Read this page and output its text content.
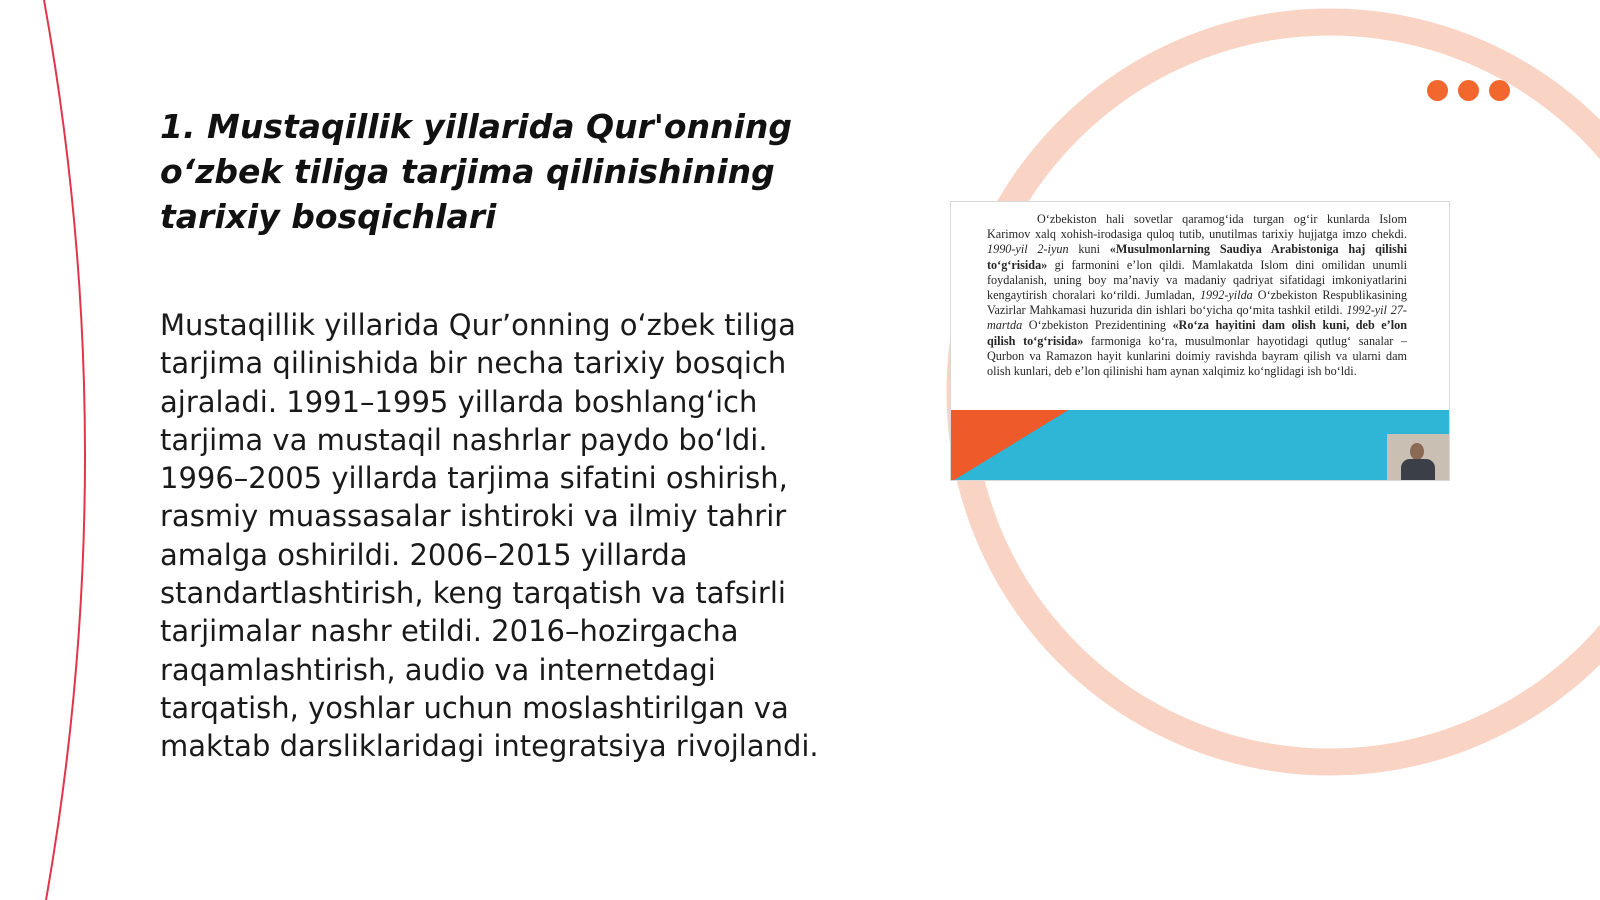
1. Mustaqillik yillarida Qur'onning o‘zbek tiliga tarjima qilinishining tarixiy bosqichlari

Mustaqillik yillarida Qur’onning o‘zbek tiliga tarjima qilinishida bir necha tarixiy bosqich ajraladi. 1991–1995 yillarda boshlang‘ich tarjima va mustaqil nashrlar paydo bo‘ldi. 1996–2005 yillarda tarjima sifatini oshirish, rasmiy muassasalar ishtiroki va ilmiy tahrir amalga oshirildi. 2006–2015 yillarda standartlashtirish, keng tarqatish va tafsirli tarjimalar nashr etildi. 2016–hozirgacha raqamlashtirish, audio va internetdagi tarqatish, yoshlar uchun moslashtirilgan va maktab darsliklaridagi integratsiya rivojlandi.

O‘zbekiston hali sovetlar qaramog‘ida turgan og‘ir kunlarda Islom Karimov xalq xohish-irodasiga quloq tutib, unutilmas tarixiy hujjatga imzo chekdi. 1990-yil 2-iyun kuni «Musulmonlarning Saudiya Arabistoniga haj qilishi to‘g‘risida» gi farmonini e’lon qildi. Mamlakatda Islom dini omilidan unumli foydalanish, uning boy ma’naviy va madaniy qadriyat sifatidagi imkoniyatlarini kengaytirish choralari ko‘rildi. Jumladan, 1992-yilda O‘zbekiston Respublikasining Vazirlar Mahkamasi huzurida din ishlari bo‘yicha qo‘mita tashkil etildi. 1992-yil 27-martda O‘zbekiston Prezidentining «Ro‘za hayitini dam olish kuni, deb e’lon qilish to‘g‘risida» farmoniga ko‘ra, musulmonlar hayotidagi qutlug‘ sanalar – Qurbon va Ramazon hayit kunlarini doimiy ravishda bayram qilish va ularni dam olish kunlari, deb e’lon qilinishi ham aynan xalqimiz ko‘nglidagi ish bo‘ldi.
